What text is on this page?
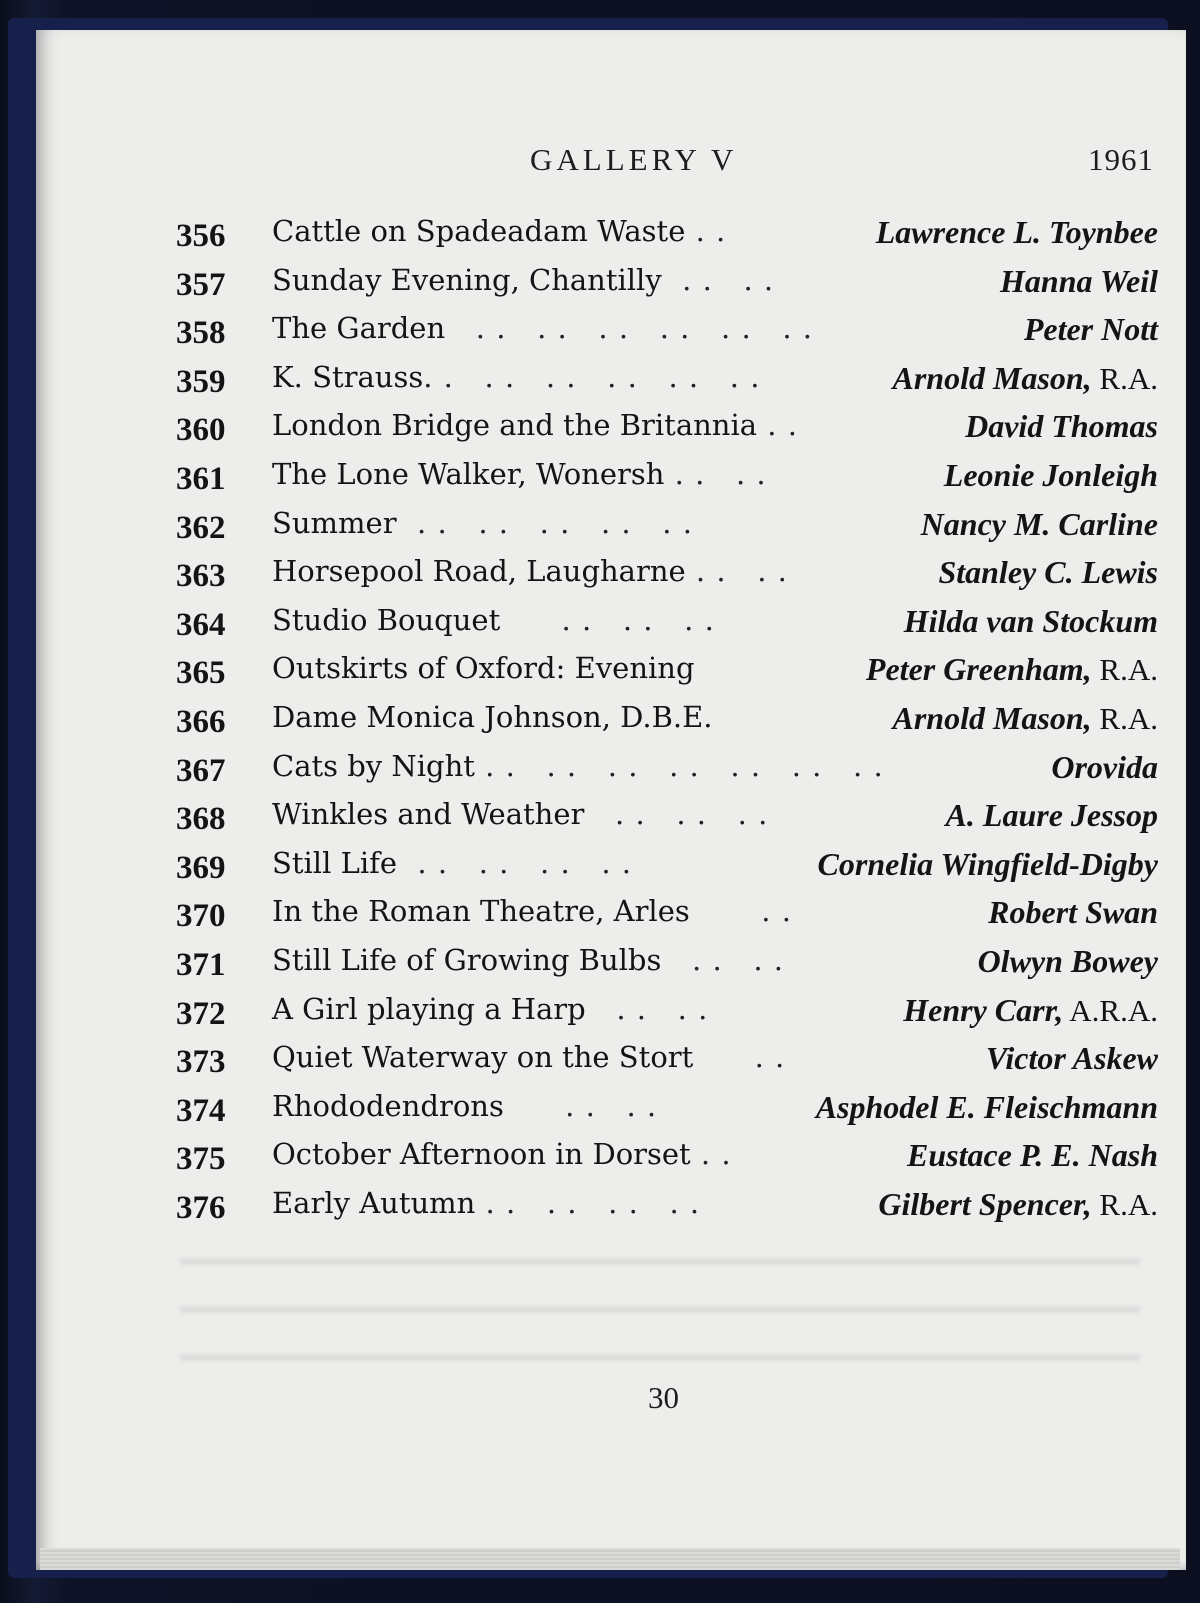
GALLERY V	1961
356 Cattle on Spadeadam Waste . .	Lawrence L. Toynbee
357 Sunday Evening, Chantilly  . .   . .	Hanna Weil
358 The Garden   . .   . .   . .   . .   . .   . .	Peter Nott
359 K. Strauss. .   . .   . .   . .   . .   . .	Arnold Mason, R.A.
360 London Bridge and the Britannia . .	David Thomas
361 The Lone Walker, Wonersh . .   . .	Leonie Jonleigh
362 Summer  . .   . .   . .   . .   . .	Nancy M. Carline
363 Horsepool Road, Laugharne . .   . .	Stanley C. Lewis
364 Studio Bouquet      . .   . .   . .	Hilda van Stockum
365 Outskirts of Oxford: Evening	Peter Greenham, R.A.
366 Dame Monica Johnson, D.B.E.	Arnold Mason, R.A.
367 Cats by Night . .   . .   . .   . .   . .   . .   . .	Orovida
368 Winkles and Weather   . .   . .   . .	A. Laure Jessop
369 Still Life  . .   . .   . .   . .	Cornelia Wingfield-Digby
370 In the Roman Theatre, Arles       . .	Robert Swan
371 Still Life of Growing Bulbs   . .   . .	Olwyn Bowey
372 A Girl playing a Harp   . .   . .	Henry Carr, A.R.A.
373 Quiet Waterway on the Stort      . .	Victor Askew
374 Rhododendrons      . .   . .	Asphodel E. Fleischmann
375 October Afternoon in Dorset . .	Eustace P. E. Nash
376 Early Autumn . .   . .   . .   . .	Gilbert Spencer, R.A.
30
